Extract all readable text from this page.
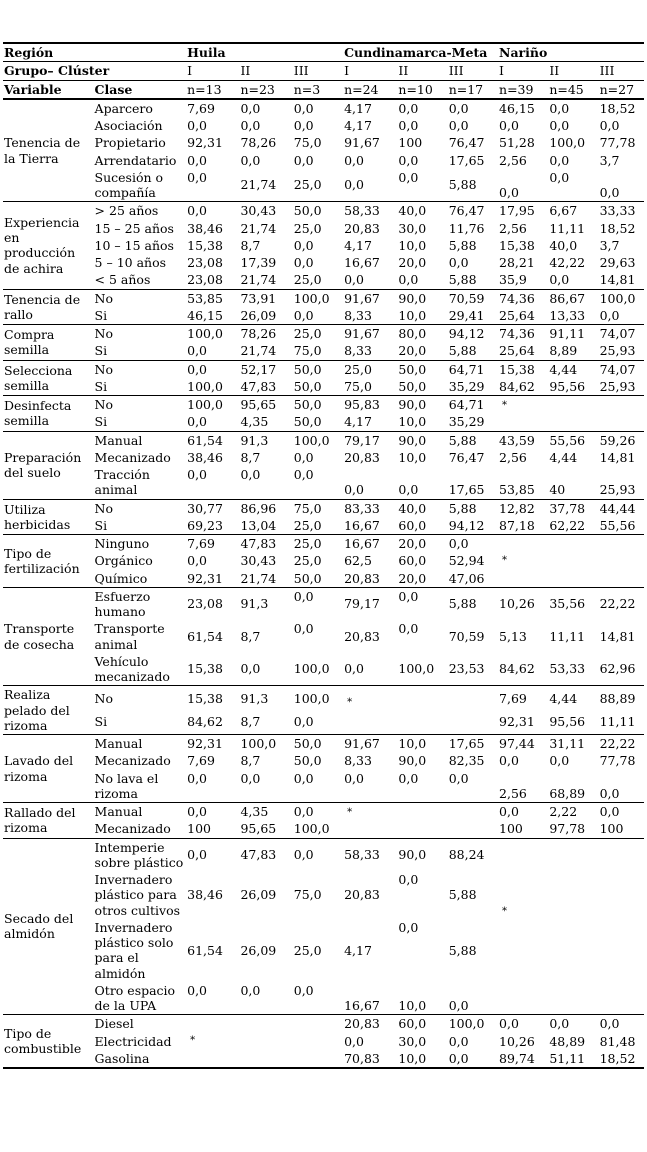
Región		Huila			Cundinamarca-Meta			Nariño		
Grupo– Clúster		I	II	III	I	II	III	I	II	III
Variable	Clase	n=13	n=23	n=3	n=24	n=10	n=17	n=39	n=45	n=27
Tenencia de la Tierra	Aparcero	7,69	0,0	0,0	4,17	0,0	0,0	46,15	0,0	18,52
	Asociación	0,0	0,0	0,0	4,17	0,0	0,0	0,0	0,0	0,0
	Propietario	92,31	78,26	75,0	91,67	100	76,47	51,28	100,0	77,78
	Arrendatario	0,0	0,0	0,0	0,0	0,0	17,65	2,56	0,0	3,7
	Sucesión o compañía	0,0	21,74	25,0	0,0	0,0	5,88	0,0	0,0	0,0
Experiencia en producción de achira	> 25 años	0,0	30,43	50,0	58,33	40,0	76,47	17,95	6,67	33,33
	15 – 25 años	38,46	21,74	25,0	20,83	30,0	11,76	2,56	11,11	18,52
	10 – 15 años	15,38	8,7	0,0	4,17	10,0	5,88	15,38	40,0	3,7
	5 – 10 años	23,08	17,39	0,0	16,67	20,0	0,0	28,21	42,22	29,63
	< 5 años	23,08	21,74	25,0	0,0	0,0	5,88	35,9	0,0	14,81
Tenencia de rallo	No	53,85	73,91	100,0	91,67	90,0	70,59	74,36	86,67	100,0
	Si	46,15	26,09	0,0	8,33	10,0	29,41	25,64	13,33	0,0
Compra semilla	No	100,0	78,26	25,0	91,67	80,0	94,12	74,36	91,11	74,07
	Si	0,0	21,74	75,0	8,33	20,0	5,88	25,64	8,89	25,93
Selecciona semilla	No	0,0	52,17	50,0	25,0	50,0	64,71	15,38	4,44	74,07
	Si	100,0	47,83	50,0	75,0	50,0	35,29	84,62	95,56	25,93
Desinfecta semilla	No	100,0	95,65	50,0	95,83	90,0	64,71	*		
	Si	0,0	4,35	50,0	4,17	10,0	35,29			
Preparación del suelo	Manual	61,54	91,3	100,0	79,17	90,0	5,88	43,59	55,56	59,26
	Mecanizado	38,46	8,7	0,0	20,83	10,0	76,47	2,56	4,44	14,81
	Tracción animal	0,0	0,0	0,0	0,0	0,0	17,65	53,85	40	25,93
Utiliza herbicidas	No	30,77	86,96	75,0	83,33	40,0	5,88	12,82	37,78	44,44
	Si	69,23	13,04	25,0	16,67	60,0	94,12	87,18	62,22	55,56
Tipo de fertilización	Ninguno	7,69	47,83	25,0	16,67	20,0	0,0			
	Orgánico	0,0	30,43	25,0	62,5	60,0	52,94	*		
	Químico	92,31	21,74	50,0	20,83	20,0	47,06			
Transporte de cosecha	Esfuerzo humano	23,08	91,3	0,0	79,17	0,0	5,88	10,26	35,56	22,22
	Transporte animal	61,54	8,7	0,0	20,83	0,0	70,59	5,13	11,11	14,81
	Vehículo mecanizado	15,38	0,0	100,0	0,0	100,0	23,53	84,62	53,33	62,96
Realiza pelado del rizoma	No	15,38	91,3	100,0	*			7,69	4,44	88,89
	Si	84,62	8,7	0,0				92,31	95,56	11,11
Lavado del rizoma	Manual	92,31	100,0	50,0	91,67	10,0	17,65	97,44	31,11	22,22
	Mecanizado	7,69	8,7	50,0	8,33	90,0	82,35	0,0	0,0	77,78
	No lava el rizoma	0,0	0,0	0,0	0,0	0,0	0,0	2,56	68,89	0,0
Rallado del rizoma	Manual	0,0	4,35	0,0	*			0,0	2,22	0,0
	Mecanizado	100	95,65	100,0				100	97,78	100
Secado del almidón	Intemperie sobre plástico	0,0	47,83	0,0	58,33	90,0	88,24			
	Invernadero plástico para otros cultivos	38,46	26,09	75,0	20,83	0,0	5,88	*		
	Invernadero plástico solo para el almidón	61,54	26,09	25,0	4,17	0,0	5,88			
	Otro espacio de la UPA	0,0	0,0	0,0	16,67	10,0	0,0			
Tipo de combustible	Diesel				20,83	60,0	100,0	0,0	0,0	0,0
	Electricidad	*			0,0	30,0	0,0	10,26	48,89	81,48
	Gasolina				70,83	10,0	0,0	89,74	51,11	18,52
